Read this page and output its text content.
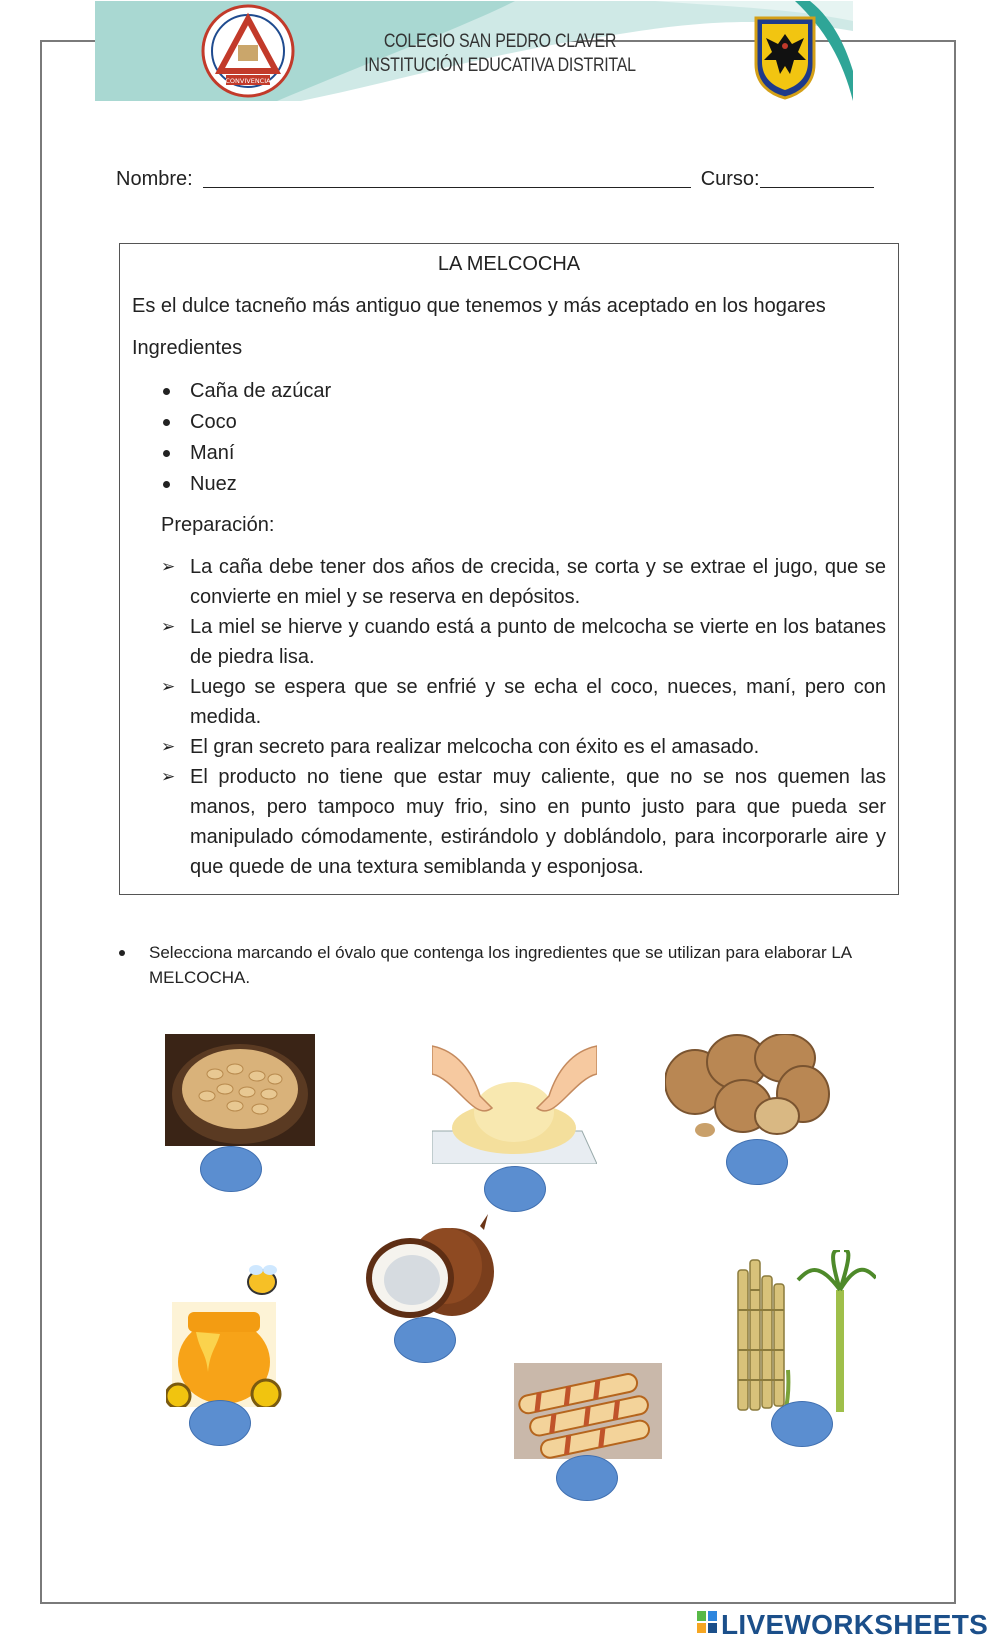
CONVIVENCIA
COLEGIO SAN PEDRO CLAVER
INSTITUCIÓN EDUCATIVA DISTRITAL
Nombre:	Curso:
LA MELCOCHA
Es el dulce tacneño más antiguo que tenemos y más aceptado en los hogares
Ingredientes
Caña de azúcar
Coco
Maní
Nuez
Preparación:
➢ La caña debe tener dos años de crecida, se corta y se extrae el jugo, que se convierte en miel y se reserva en depósitos.
➢ La miel se hierve y cuando está a punto de melcocha se vierte en los batanes de piedra lisa.
➢ Luego se espera que se enfrié y se echa el coco, nueces, maní, pero con medida.
➢ El gran secreto para realizar melcocha con éxito es el amasado.
➢ El producto no tiene que estar muy caliente, que no se nos quemen las manos, pero tampoco muy frio, sino en punto justo para que pueda ser manipulado cómodamente, estirándolo y doblándolo, para incorporarle aire y que quede de una textura semiblanda y esponjosa.
Selecciona marcando el óvalo que contenga los ingredientes que se utilizan para elaborar LA MELCOCHA.
LIVEWORKSHEETS
